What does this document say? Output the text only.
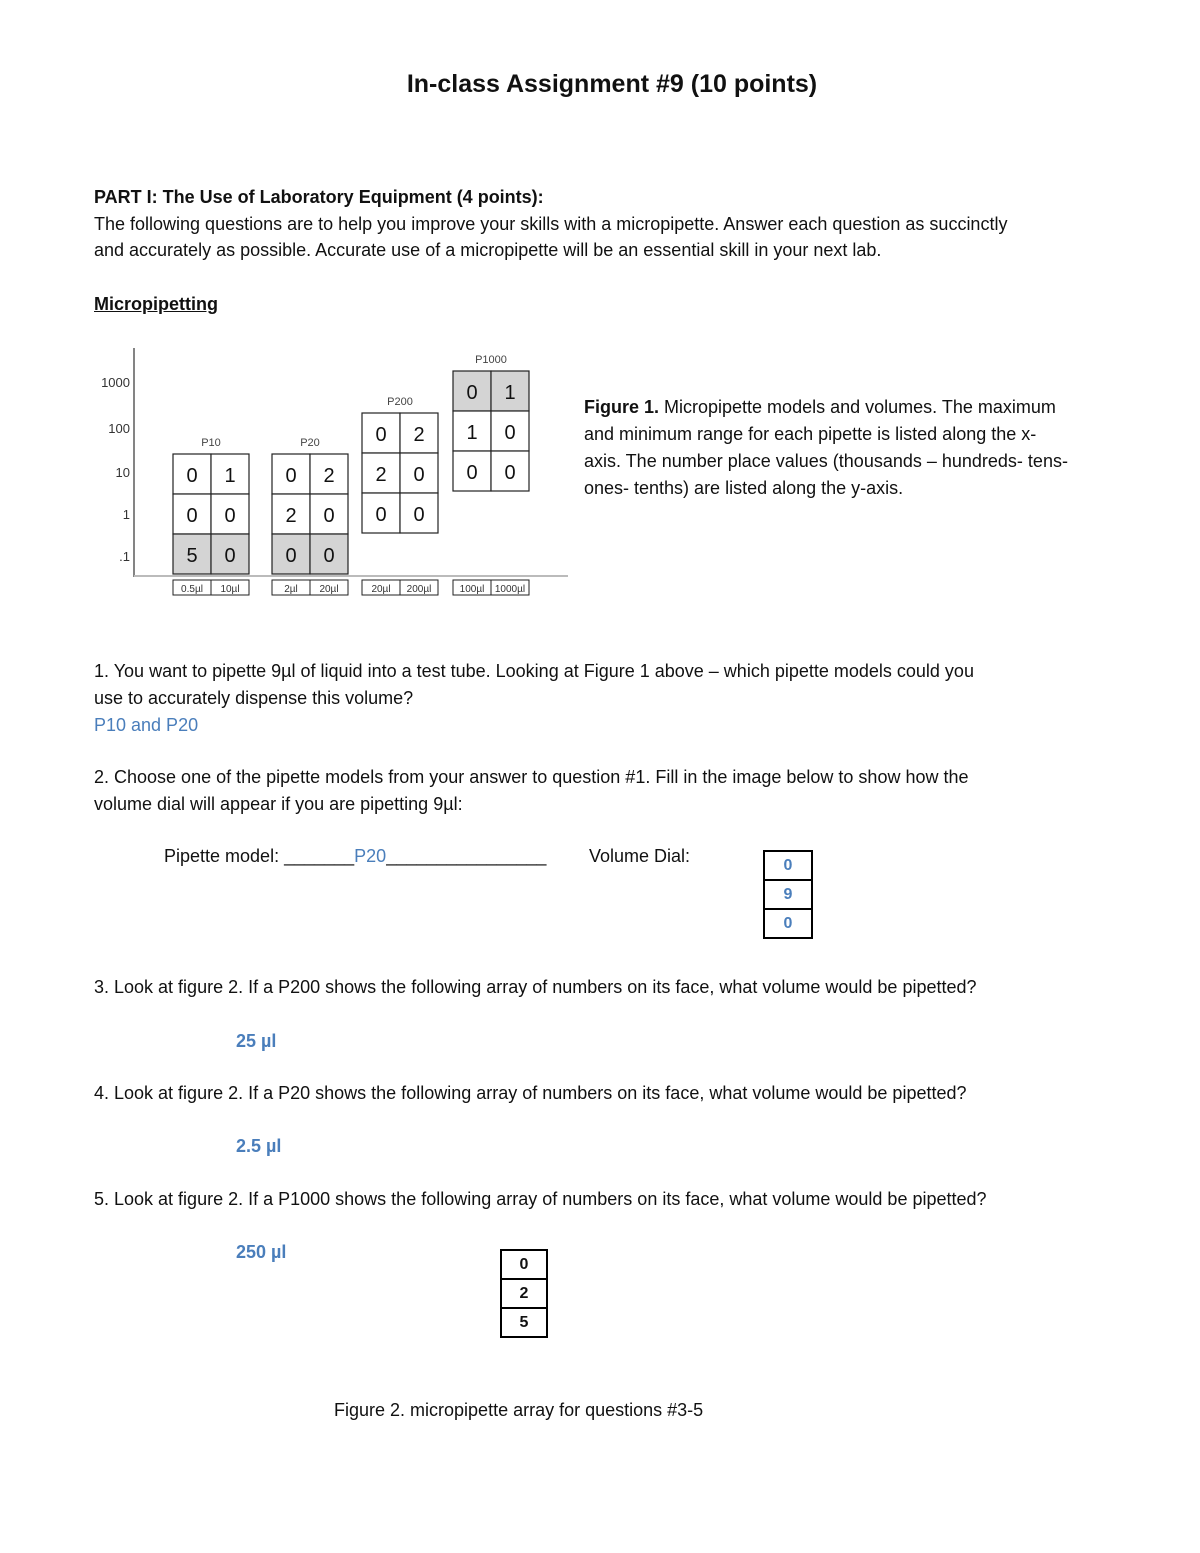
In-class Assignment #9 (10 points)
PART I: The Use of Laboratory Equipment (4 points):
The following questions are to help you improve your skills with a micropipette. Answer each question as succinctly
and accurately as possible. Accurate use of a micropipette will be an essential skill in your next lab.
Micropipetting
1000
100
10
1
.1
P10
0 1
0 0
5 0
0.5µl 10µl
P20
0 2
2 0
0 0
2µl 20µl
P200
0 2
2 0
0 0
20µl 200µl
P1000
0 1
1 0
0 0
100µl 1000µl
Figure 1. Micropipette models and volumes. The maximum
and minimum range for each pipette is listed along the x-
axis. The number place values (thousands – hundreds- tens-
ones- tenths) are listed along the y-axis.
1. You want to pipette 9µl of liquid into a test tube. Looking at Figure 1 above – which pipette models could you
use to accurately dispense this volume?
P10 and P20
2. Choose one of the pipette models from your answer to question #1. Fill in the image below to show how the
volume dial will appear if you are pipetting 9µl:
Pipette model: _______P20________________ Volume Dial:	0
9
0
3. Look at figure 2. If a P200 shows the following array of numbers on its face, what volume would be pipetted?
25 µl
4. Look at figure 2. If a P20 shows the following array of numbers on its face, what volume would be pipetted?
2.5 µl
5. Look at figure 2. If a P1000 shows the following array of numbers on its face, what volume would be pipetted?
250 µl
0
2
5
Figure 2. micropipette array for questions #3-5
